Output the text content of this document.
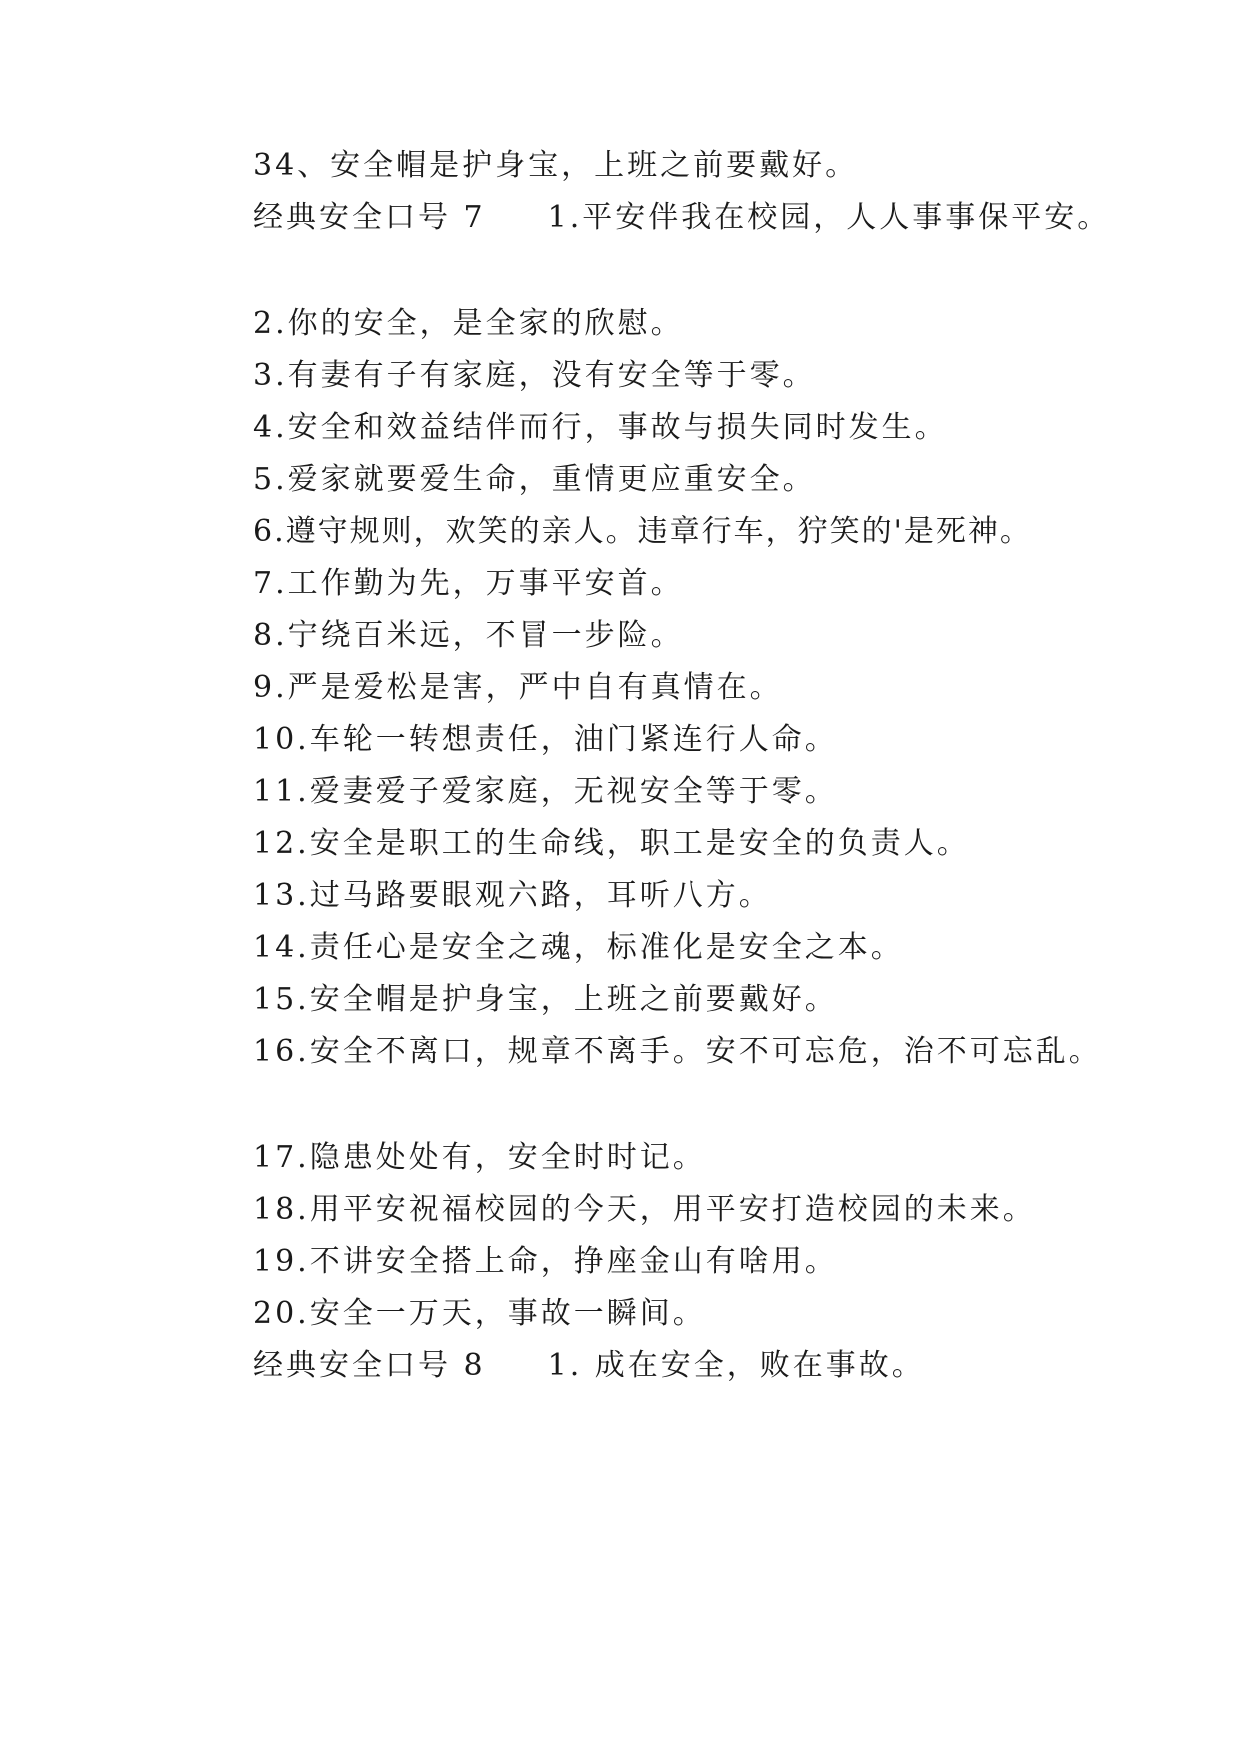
34、安全帽是护身宝，上班之前要戴好。
经典安全口号 7 1.平安伴我在校园，人人事事保平安。
2.你的安全，是全家的欣慰。
3.有妻有子有家庭，没有安全等于零。
4.安全和效益结伴而行，事故与损失同时发生。
5.爱家就要爱生命，重情更应重安全。
6.遵守规则，欢笑的亲人。违章行车，狞笑的'是死神。
7.工作勤为先，万事平安首。
8.宁绕百米远，不冒一步险。
9.严是爱松是害，严中自有真情在。
10.车轮一转想责任，油门紧连行人命。
11.爱妻爱子爱家庭，无视安全等于零。
12.安全是职工的生命线，职工是安全的负责人。
13.过马路要眼观六路，耳听八方。
14.责任心是安全之魂，标准化是安全之本。
15.安全帽是护身宝，上班之前要戴好。
16.安全不离口，规章不离手。安不可忘危，治不可忘乱。
17.隐患处处有，安全时时记。
18.用平安祝福校园的今天，用平安打造校园的未来。
19.不讲安全搭上命，挣座金山有啥用。
20.安全一万天，事故一瞬间。
经典安全口号 8 1. 成在安全，败在事故。
